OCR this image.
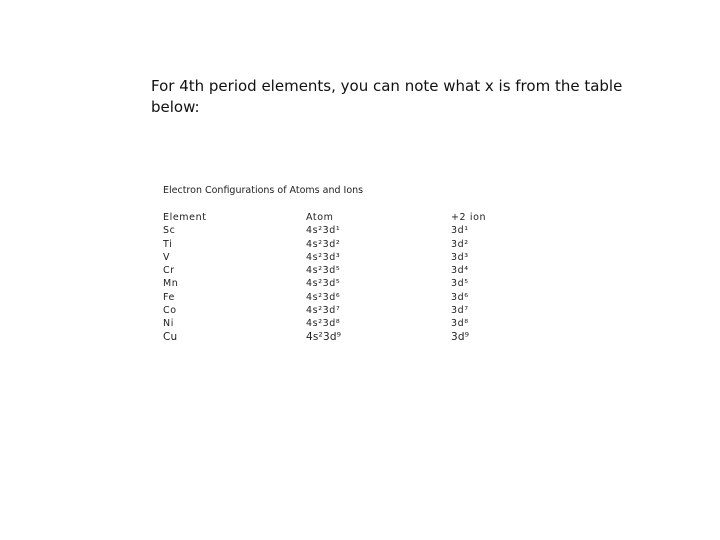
For 4th period elements, you can note what x is from the table below:

Electron Configurations of Atoms and Ions

Element
Sc
Ti
V
Cr
Mn
Fe
Co
Ni
Cu
Atom
4s²3d¹
4s²3d²
4s²3d³
4s²3d⁵
4s²3d⁵
4s²3d⁶
4s²3d⁷
4s²3d⁸
4s²3d⁹
+2 ion
3d¹
3d²
3d³
3d⁴
3d⁵
3d⁶
3d⁷
3d⁸
3d⁹
